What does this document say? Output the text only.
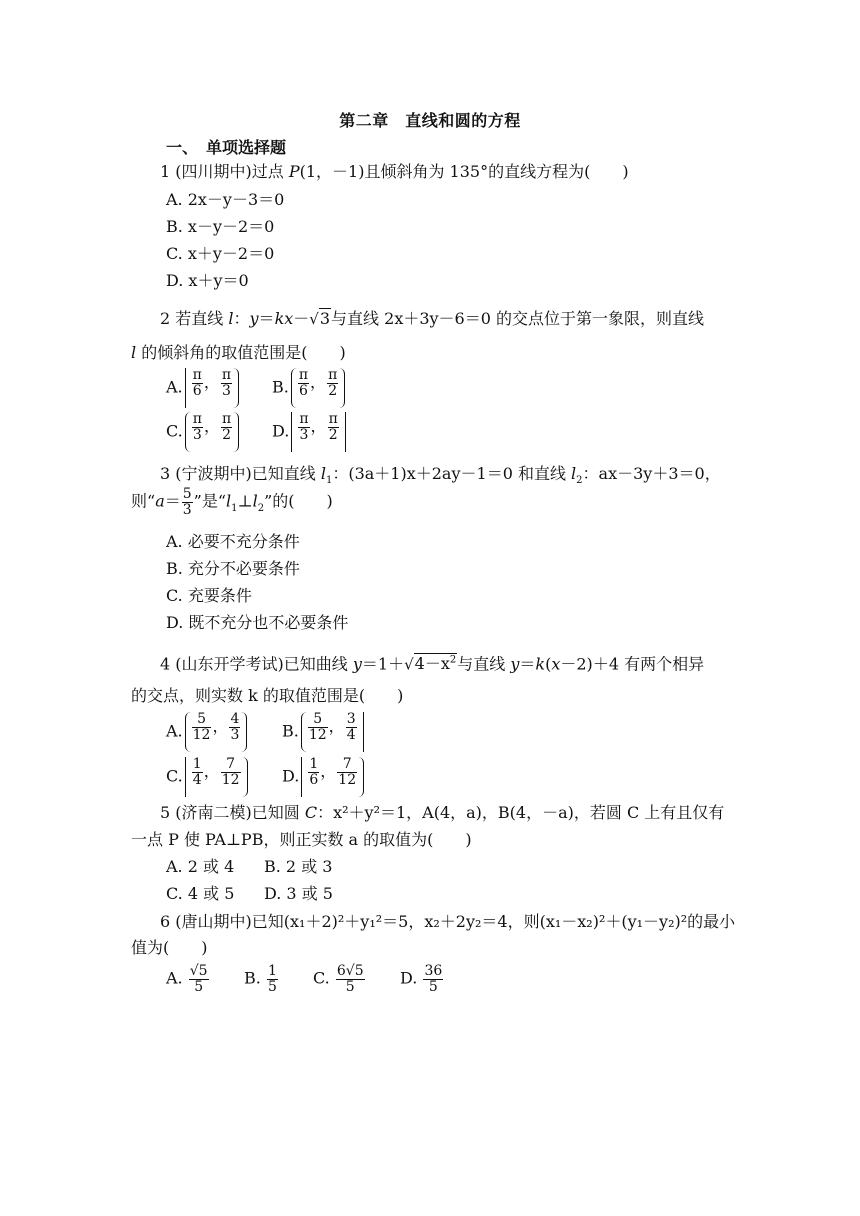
第二章　直线和圆的方程
一、　单项选择题
1 (四川期中)过点 P(1，－1)且倾斜角为 135°的直线方程为(　　)
A. 2x－y－3＝0
B. x－y－2＝0
C. x＋y－2＝0
D. x＋y＝0
2 若直线 l：y＝kx－√3与直线 2x＋3y－6＝0 的交点位于第一象限，则直线
l 的倾斜角的取值范围是(　　)
A. $\frac{\pi}{6}$ ， $\frac{\pi}{3} B$. $\frac{\pi}{6}$ ， $\frac{\pi}{2}$
C. $\frac{\pi}{3}$ ， $\frac{\pi}{2} D$. $\frac{\pi}{3}$ ， $\frac{\pi}{2}$
3 (宁波期中)已知直线 $l_1$：(3a＋1)x＋2ay－1＝0 和直线 $l_2$：ax－3y＋3＝0，
则“$a= \frac{5}{3}$ ”是“$l_1\perp l_2$”的(　　)
A. 必要不充分条件
B. 充分不必要条件
C. 充要条件
D. 既不充分也不必要条件
4 (山东开学考试)已知曲线 $y=1+√4-x^2$与直线 y＝k(x－2)＋4 有两个相异
的交点，则实数 k 的取值范围是(　　)
A. $\frac{5}{12}$ ， $\frac{4}{3}$	B. $\frac{5}{12}$ ， $\frac{3}{4}$
C. $\frac{1}{4}$ ， $\frac{7}{12}$	D. $\frac{1}{6}$ ， $\frac{7}{12}$
5 (济南二模)已知圆 C：x²＋y²＝1，A(4，a)，B(4，－a)，若圆 C 上有且仅有
一点 P 使 PA⊥PB，则正实数 a 的取值为(　　)
A. 2 或 4 B. 2 或 3
C. 4 或 5 D. 3 或 5
6 (唐山期中)已知(x₁＋2)²＋y₁²＝5，x₂＋2y₂＝4，则(x₁－x₂)²＋(y₁－y₂)²的最小
值为(　　)
A. $\frac{√5}{5} B$. $\frac{1}{5} C$. $\frac{6√5}{5} D$. $\frac{36}{5}$
